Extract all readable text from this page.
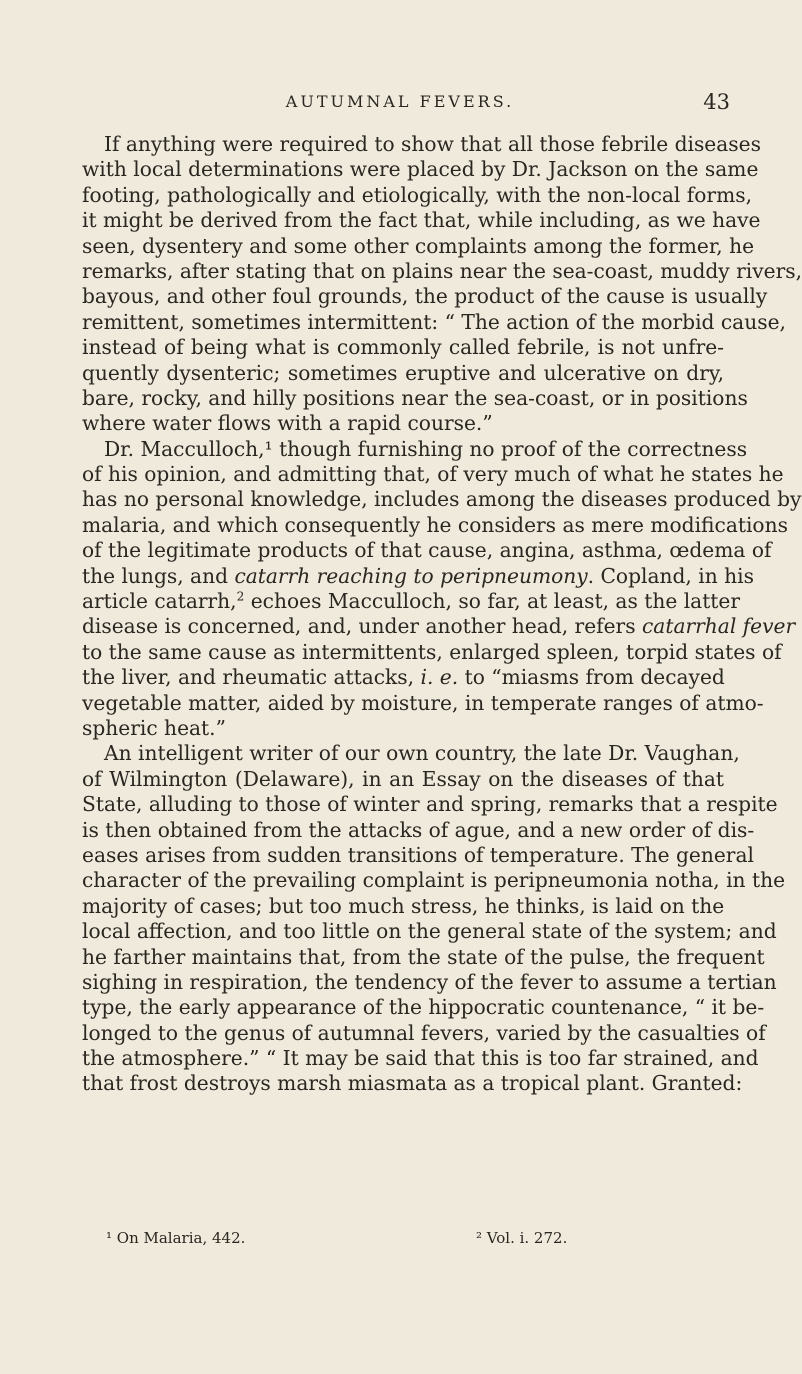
AUTUMNAL FEVERS.	43
If anything were required to show that all those febrile diseases
with local determinations were placed by Dr. Jackson on the same
footing, pathologically and etiologically, with the non-local forms,
it might be derived from the fact that, while including, as we have
seen, dysentery and some other complaints among the former, he
remarks, after stating that on plains near the sea-coast, muddy rivers,
bayous, and other foul grounds, the product of the cause is usually
remittent, sometimes intermittent: “ The action of the morbid cause,
instead of being what is commonly called febrile, is not unfre-
quently dysenteric; sometimes eruptive and ulcerative on dry,
bare, rocky, and hilly positions near the sea-coast, or in positions
where water flows with a rapid course.”
Dr. Macculloch,¹ though furnishing no proof of the correctness
of his opinion, and admitting that, of very much of what he states he
has no personal knowledge, includes among the diseases produced by
malaria, and which consequently he considers as mere modifications
of the legitimate products of that cause, angina, asthma, œdema of
the lungs, and catarrh reaching to peripneumony. Copland, in his
article catarrh,$^2$ echoes Macculloch, so far, at least, as the latter
disease is concerned, and, under another head, refers catarrhal fever
to the same cause as intermittents, enlarged spleen, torpid states of
the liver, and rheumatic attacks, i. e. to “miasms from decayed
vegetable matter, aided by moisture, in temperate ranges of atmo-
spheric heat.”
An intelligent writer of our own country, the late Dr. Vaughan,
of Wilmington (Delaware), in an Essay on the diseases of that
State, alluding to those of winter and spring, remarks that a respite
is then obtained from the attacks of ague, and a new order of dis-
eases arises from sudden transitions of temperature. The general
character of the prevailing complaint is peripneumonia notha, in the
majority of cases; but too much stress, he thinks, is laid on the
local affection, and too little on the general state of the system; and
he farther maintains that, from the state of the pulse, the frequent
sighing in respiration, the tendency of the fever to assume a tertian
type, the early appearance of the hippocratic countenance, “ it be-
longed to the genus of autumnal fevers, varied by the casualties of
the atmosphere.” “ It may be said that this is too far strained, and
that frost destroys marsh miasmata as a tropical plant. Granted:
¹ On Malaria, 442.	² Vol. i. 272.
